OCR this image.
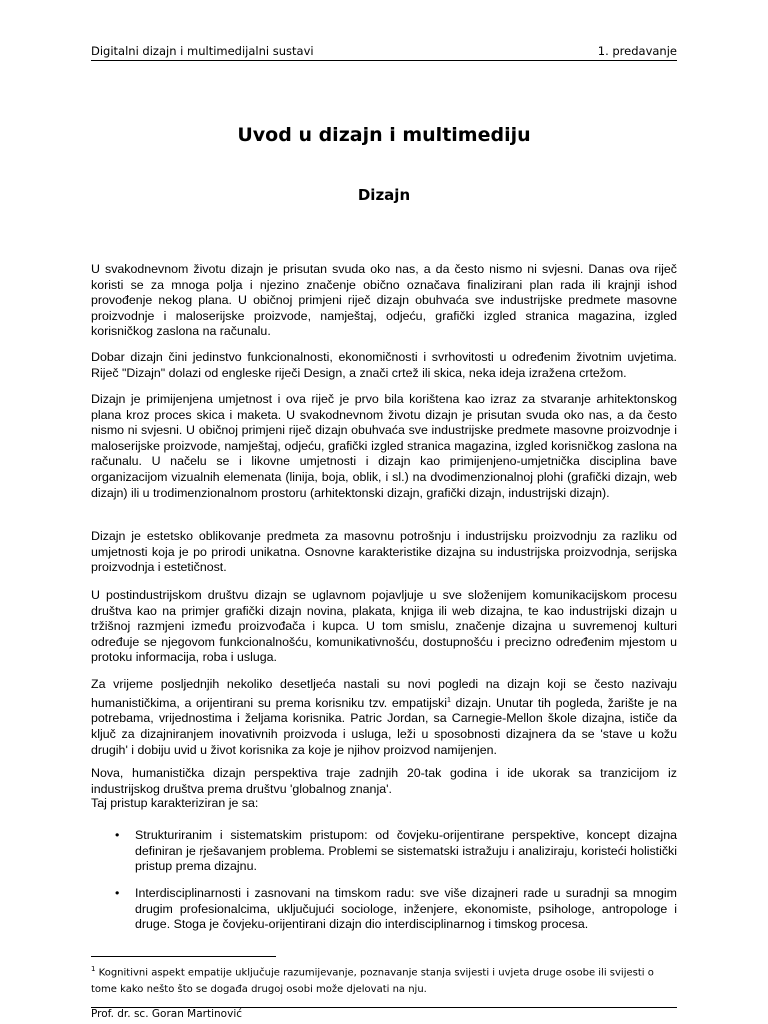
Digitalni dizajn i multimedijalni sustavi	1. predavanje
Uvod u dizajn i multimediju
Dizajn

U svakodnevnom životu dizajn je prisutan svuda oko nas, a da često nismo ni svjesni. Danas ova riječ koristi se za mnoga polja i njezino značenje obično označava finalizirani plan rada ili krajnji ishod provođenje nekog plana. U običnoj primjeni riječ dizajn obuhvaća sve industrijske predmete masovne proizvodnje i maloserijske proizvode, namještaj, odjeću, grafički izgled stranica magazina, izgled korisničkog zaslona na računalu.

Dobar dizajn čini jedinstvo funkcionalnosti, ekonomičnosti i svrhovitosti u određenim životnim uvjetima. Riječ "Dizajn" dolazi od engleske riječi Design, a znači crtež ili skica, neka ideja izražena crtežom.

Dizajn je primijenjena umjetnost i ova riječ je prvo bila korištena kao izraz za stvaranje arhitektonskog plana kroz proces skica i maketa. U svakodnevnom životu dizajn je prisutan svuda oko nas, a da često nismo ni svjesni. U običnoj primjeni riječ dizajn obuhvaća sve industrijske predmete masovne proizvodnje i maloserijske proizvode, namještaj, odjeću, grafički izgled stranica magazina, izgled korisničkog zaslona na računalu. U načelu se i likovne umjetnosti i dizajn kao primijenjeno-umjetnička disciplina bave organizacijom vizualnih elemenata (linija, boja, oblik, i sl.) na dvodimenzionalnoj plohi (grafički dizajn, web dizajn) ili u trodimenzionalnom prostoru (arhitektonski dizajn, grafički dizajn, industrijski dizajn).

Dizajn je estetsko oblikovanje predmeta za masovnu potrošnju i industrijsku proizvodnju za razliku od umjetnosti koja je po prirodi unikatna. Osnovne karakteristike dizajna su industrijska proizvodnja, serijska proizvodnja i estetičnost.

U postindustrijskom društvu dizajn se uglavnom pojavljuje u sve složenijem komunikacijskom procesu društva kao na primjer grafički dizajn novina, plakata, knjiga ili web dizajna, te kao industrijski dizajn u tržišnoj razmjeni između proizvođača i kupca. U tom smislu, značenje dizajna u suvremenoj kulturi određuje se njegovom funkcionalnošću, komunikativnošću, dostupnošću i precizno određenim mjestom u protoku informacija, roba i usluga.

Za vrijeme posljednjih nekoliko desetljeća nastali su novi pogledi na dizajn koji se često nazivaju humanističkima, a orijentirani su prema korisniku tzv. empatijski$^1$ dizajn. Unutar tih pogleda, žarište je na potrebama, vrijednostima i željama korisnika. Patric Jordan, sa Carnegie-Mellon škole dizajna, ističe da ključ za dizajniranjem inovativnih proizvoda i usluga, leži u sposobnosti dizajnera da se 'stave u kožu drugih' i dobiju uvid u život korisnika za koje je njihov proizvod namijenjen.

Nova, humanistička dizajn perspektiva traje zadnjih 20-tak godina i ide ukorak sa tranzicijom iz industrijskog društva prema društvu 'globalnog znanja'.

Taj pristup karakteriziran je sa:

• Strukturiranim i sistematskim pristupom: od čovjeku-orijentirane perspektive, koncept dizajna definiran je rješavanjem problema. Problemi se sistematski istražuju i analiziraju, koristeći holistički pristup prema dizajnu.
• Interdisciplinarnosti i zasnovani na timskom radu: sve više dizajneri rade u suradnji sa mnogim drugim profesionalcima, uključujući sociologe, inženjere, ekonomiste, psihologe, antropologe i druge. Stoga je čovjeku-orijentirani dizajn dio interdisciplinarnog i timskog procesa.
$^1$ Kognitivni aspekt empatije uključuje razumijevanje, poznavanje stanja svijesti i uvjeta druge osobe ili svijesti o tome kako nešto što se događa drugoj osobi može djelovati na nju.
Prof. dr. sc. Goran Martinović
